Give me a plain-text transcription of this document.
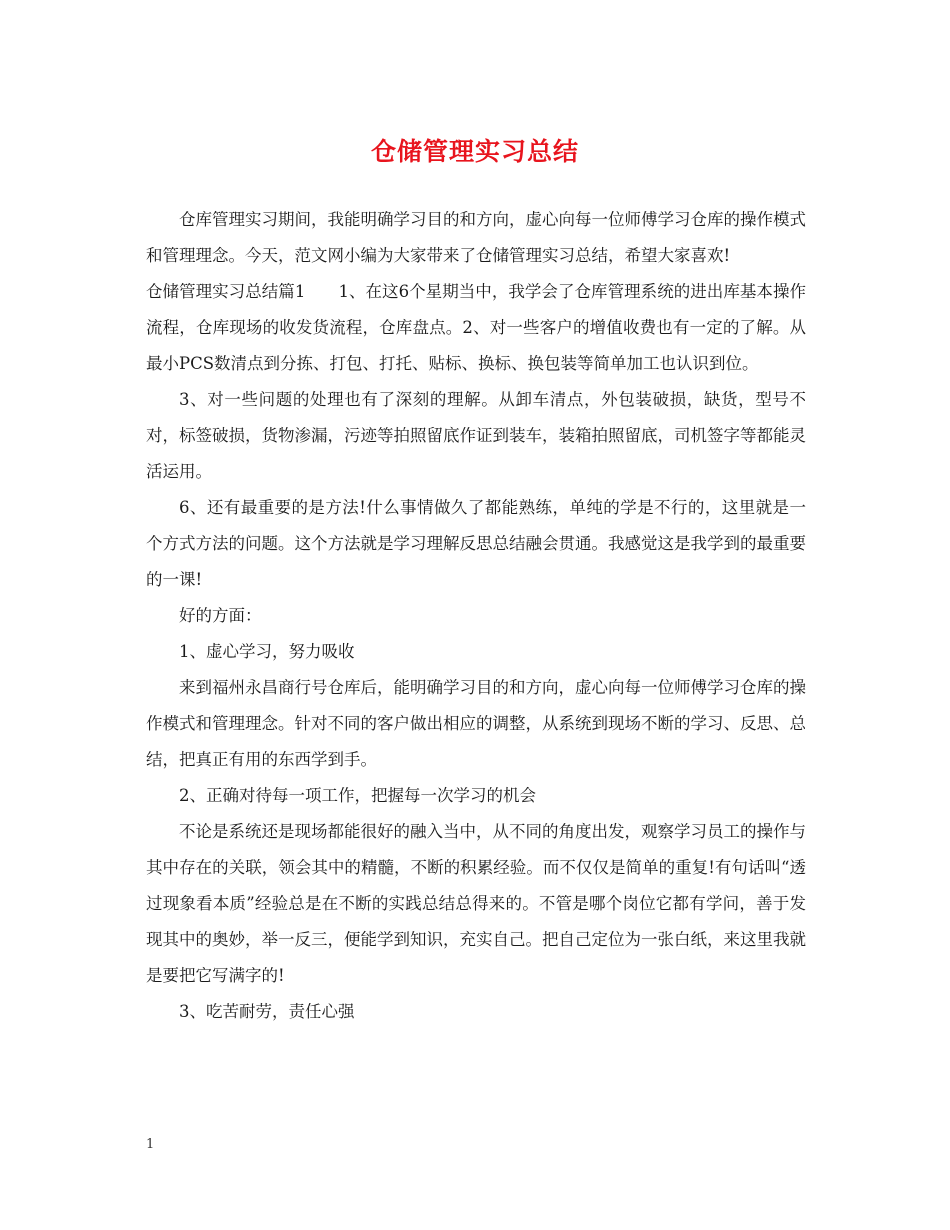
仓储管理实习总结

仓库管理实习期间，我能明确学习目的和方向，虚心向每一位师傅学习仓库的操作模式和管理理念。今天，范文网小编为大家带来了仓储管理实习总结，希望大家喜欢!

仓储管理实习总结篇1　　1、在这6个星期当中，我学会了仓库管理系统的进出库基本操作流程，仓库现场的收发货流程，仓库盘点。2、对一些客户的增值收费也有一定的了解。从最小PCS数清点到分拣、打包、打托、贴标、换标、换包装等简单加工也认识到位。

3、对一些问题的处理也有了深刻的理解。从卸车清点，外包装破损，缺货，型号不对，标签破损，货物渗漏，污迹等拍照留底作证到装车，装箱拍照留底，司机签字等都能灵活运用。

6、还有最重要的是方法!什么事情做久了都能熟练，单纯的学是不行的，这里就是一个方式方法的问题。这个方法就是学习理解反思总结融会贯通。我感觉这是我学到的最重要的一课!

好的方面：

1、虚心学习，努力吸收

来到福州永昌商行号仓库后，能明确学习目的和方向，虚心向每一位师傅学习仓库的操作模式和管理理念。针对不同的客户做出相应的调整，从系统到现场不断的学习、反思、总结，把真正有用的东西学到手。

2、正确对待每一项工作，把握每一次学习的机会

不论是系统还是现场都能很好的融入当中，从不同的角度出发，观察学习员工的操作与其中存在的关联，领会其中的精髓，不断的积累经验。而不仅仅是简单的重复!有句话叫“透过现象看本质”经验总是在不断的实践总结总得来的。不管是哪个岗位它都有学问，善于发现其中的奥妙，举一反三，便能学到知识，充实自己。把自己定位为一张白纸，来这里我就是要把它写满字的!

3、吃苦耐劳，责任心强

1
